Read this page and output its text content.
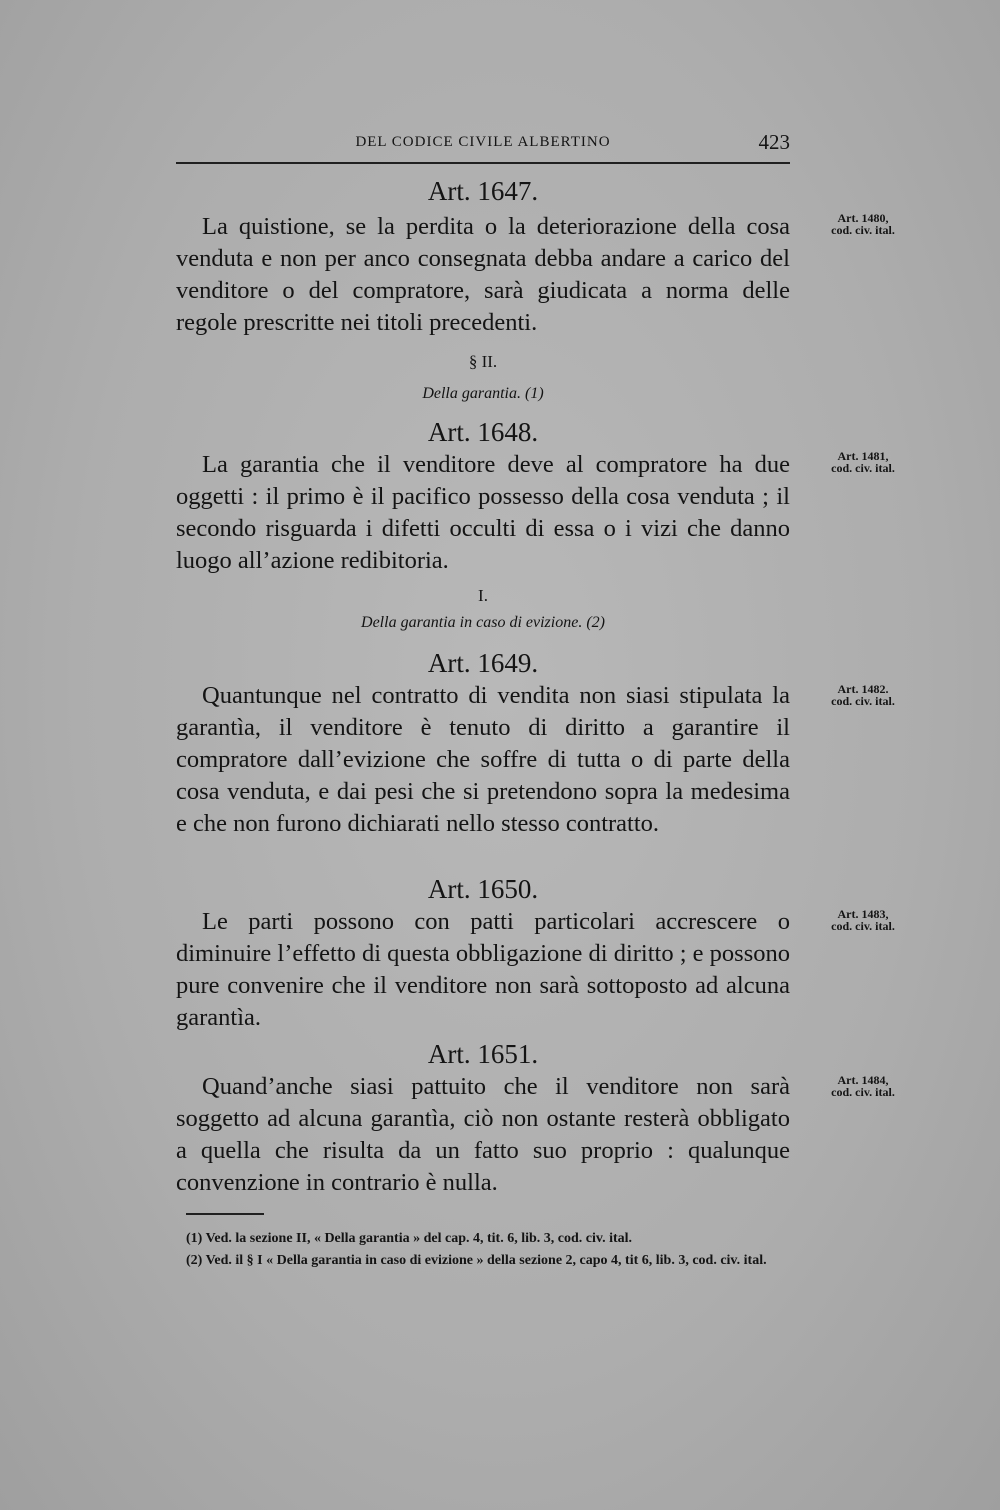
DEL CODICE CIVILE ALBERTINO	423
Art. 1647.

La quistione, se la perdita o la deteriorazione della cosa venduta e non per anco consegnata debba andare a carico del venditore o del compratore, sarà giudicata a norma delle regole prescritte nei titoli precedenti.

Art. 1480,
cod. civ. ital.
§ II.
Della garantia. (1)
Art. 1648.

La garantia che il venditore deve al compratore ha due oggetti : il primo è il pacifico possesso della cosa venduta ; il secondo risguarda i difetti occulti di essa o i vizi che danno luogo all’azione redibitoria.

Art. 1481,
cod. civ. ital.
I.
Della garantia in caso di evizione. (2)
Art. 1649.

Quantunque nel contratto di vendita non siasi stipulata la garantìa, il venditore è tenuto di diritto a garantire il compratore dall’evizione che soffre di tutta o di parte della cosa venduta, e dai pesi che si pretendono sopra la medesima e che non furono dichiarati nello stesso contratto.

Art. 1482.
cod. civ. ital.
Art. 1650.

Le parti possono con patti particolari accrescere o diminuire l’effetto di questa obbligazione di diritto ; e possono pure convenire che il venditore non sarà sottoposto ad alcuna garantìa.

Art. 1483,
cod. civ. ital.
Art. 1651.

Quand’anche siasi pattuito che il venditore non sarà soggetto ad alcuna garantìa, ciò non ostante resterà obbligato a quella che risulta da un fatto suo proprio : qualunque convenzione in contrario è nulla.

Art. 1484,
cod. civ. ital.

(1) Ved. la sezione II, « Della garantia » del cap. 4, tit. 6, lib. 3, cod. civ. ital.

(2) Ved. il § I « Della garantia in caso di evizione » della sezione 2, capo 4, tit 6, lib. 3, cod. civ. ital.
